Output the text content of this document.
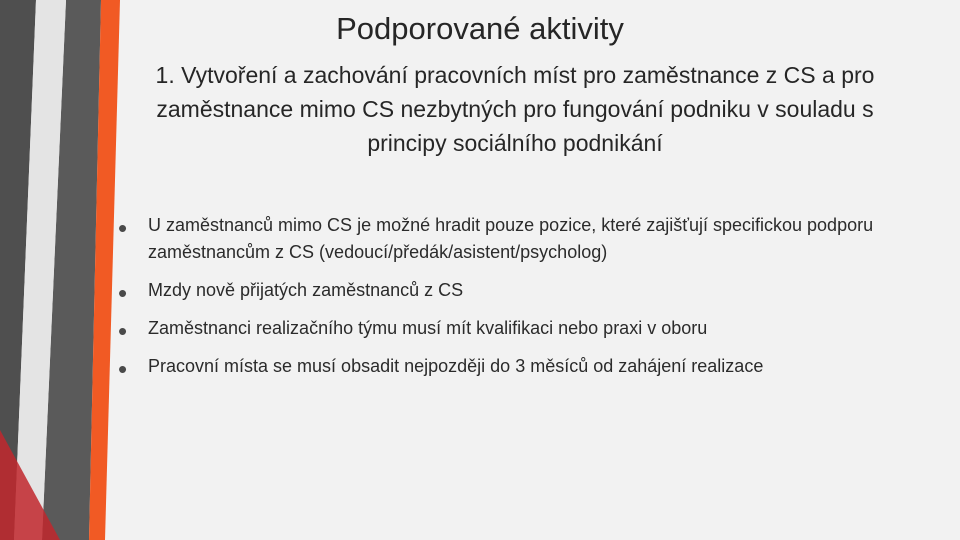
Podporované aktivity
1. Vytvoření a zachování pracovních míst pro zaměstnance z CS a pro zaměstnance mimo CS nezbytných pro fungování podniku v souladu s principy sociálního podnikání
•	U zaměstnanců mimo CS je možné hradit pouze pozice, které zajišťují specifickou podporu zaměstnancům z CS (vedoucí/předák/asistent/psycholog)
•	Mzdy nově přijatých zaměstnanců z CS
•	Zaměstnanci realizačního týmu musí mít kvalifikaci nebo praxi v oboru
•	Pracovní místa se musí obsadit nejpozději do 3 měsíců od zahájení realizace
